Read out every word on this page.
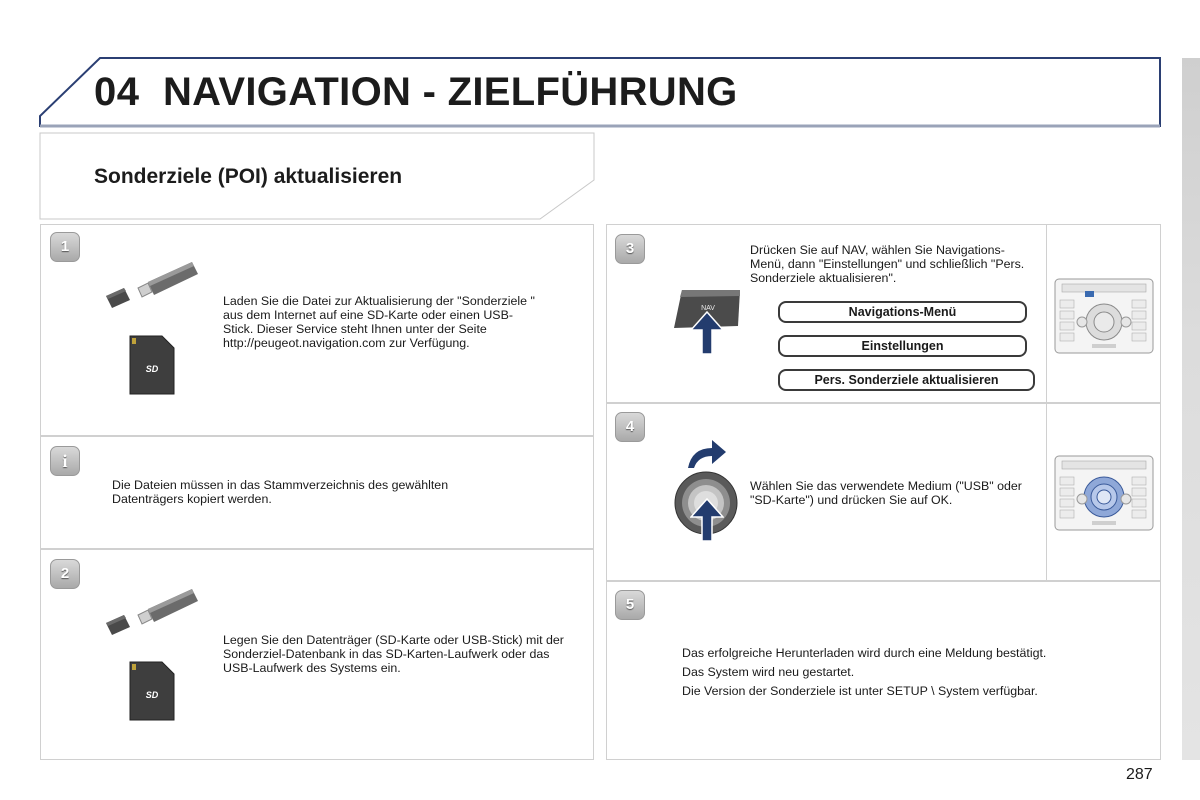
04 NAVIGATION - ZIELFÜHRUNG
Sonderziele (POI) aktualisieren
1
SD
Laden Sie die Datei zur Aktualisierung der "Sonderziele " aus dem Internet auf eine SD-Karte oder einen USB-Stick. Dieser Service steht Ihnen unter der Seite http://peugeot.navigation.com zur Verfügung.
i
Die Dateien müssen in das Stammverzeichnis des gewählten Datenträgers kopiert werden.
2
SD
Legen Sie den Datenträger (SD-Karte oder USB-Stick) mit der Sonderziel-Datenbank in das SD-Karten-Laufwerk oder das USB-Laufwerk des Systems ein.
3	Drücken Sie auf NAV, wählen Sie Navigations-Menü, dann "Einstellungen" und schließlich "Pers. Sonderziele aktualisieren".
NAV	Navigations-Menü
Einstellungen
Pers. Sonderziele aktualisieren
4
Wählen Sie das verwendete Medium ("USB" oder "SD-Karte") und drücken Sie auf OK.
5
Das erfolgreiche Herunterladen wird durch eine Meldung bestätigt.
Das System wird neu gestartet.
Die Version der Sonderziele ist unter SETUP \ System verfügbar.
287
